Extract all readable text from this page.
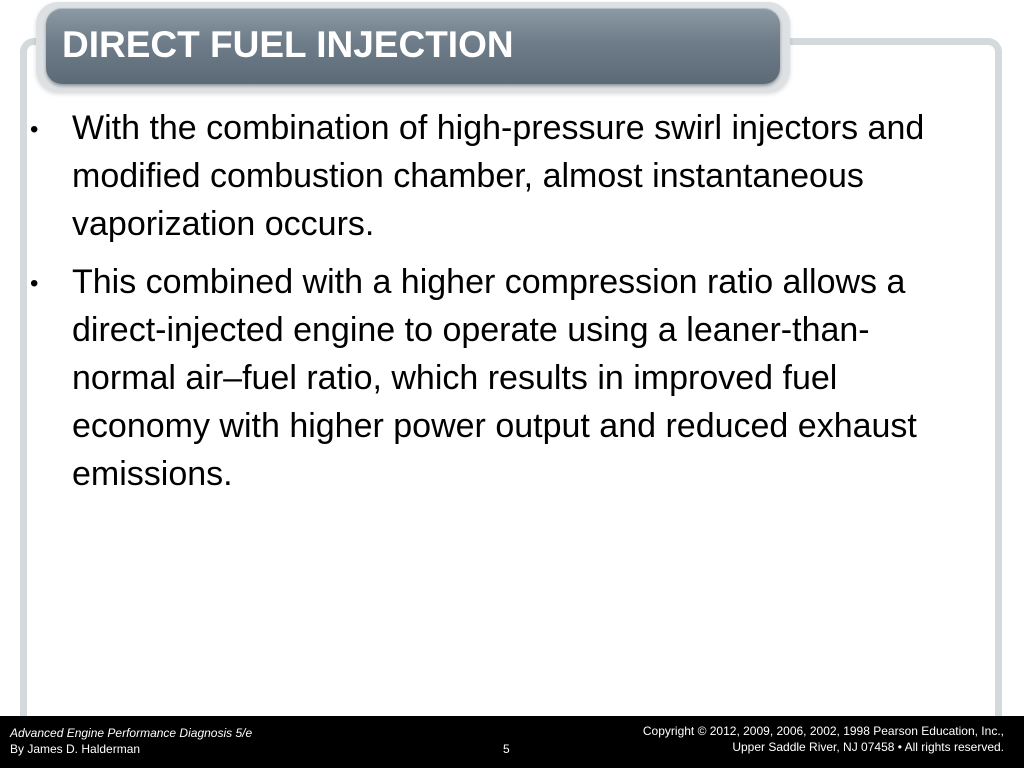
DIRECT FUEL INJECTION
• With the combination of high-pressure swirl injectors and modified combustion chamber, almost instantaneous vaporization occurs.
• This combined with a higher compression ratio allows a direct-injected engine to operate using a leaner-than-normal air–fuel ratio, which results in improved fuel economy with higher power output and reduced exhaust emissions.
Advanced Engine Performance Diagnosis 5/e
By James D. Halderman	5
Copyright © 2012, 2009, 2006, 2002, 1998 Pearson Education, Inc.,
Upper Saddle River, NJ 07458 • All rights reserved.
